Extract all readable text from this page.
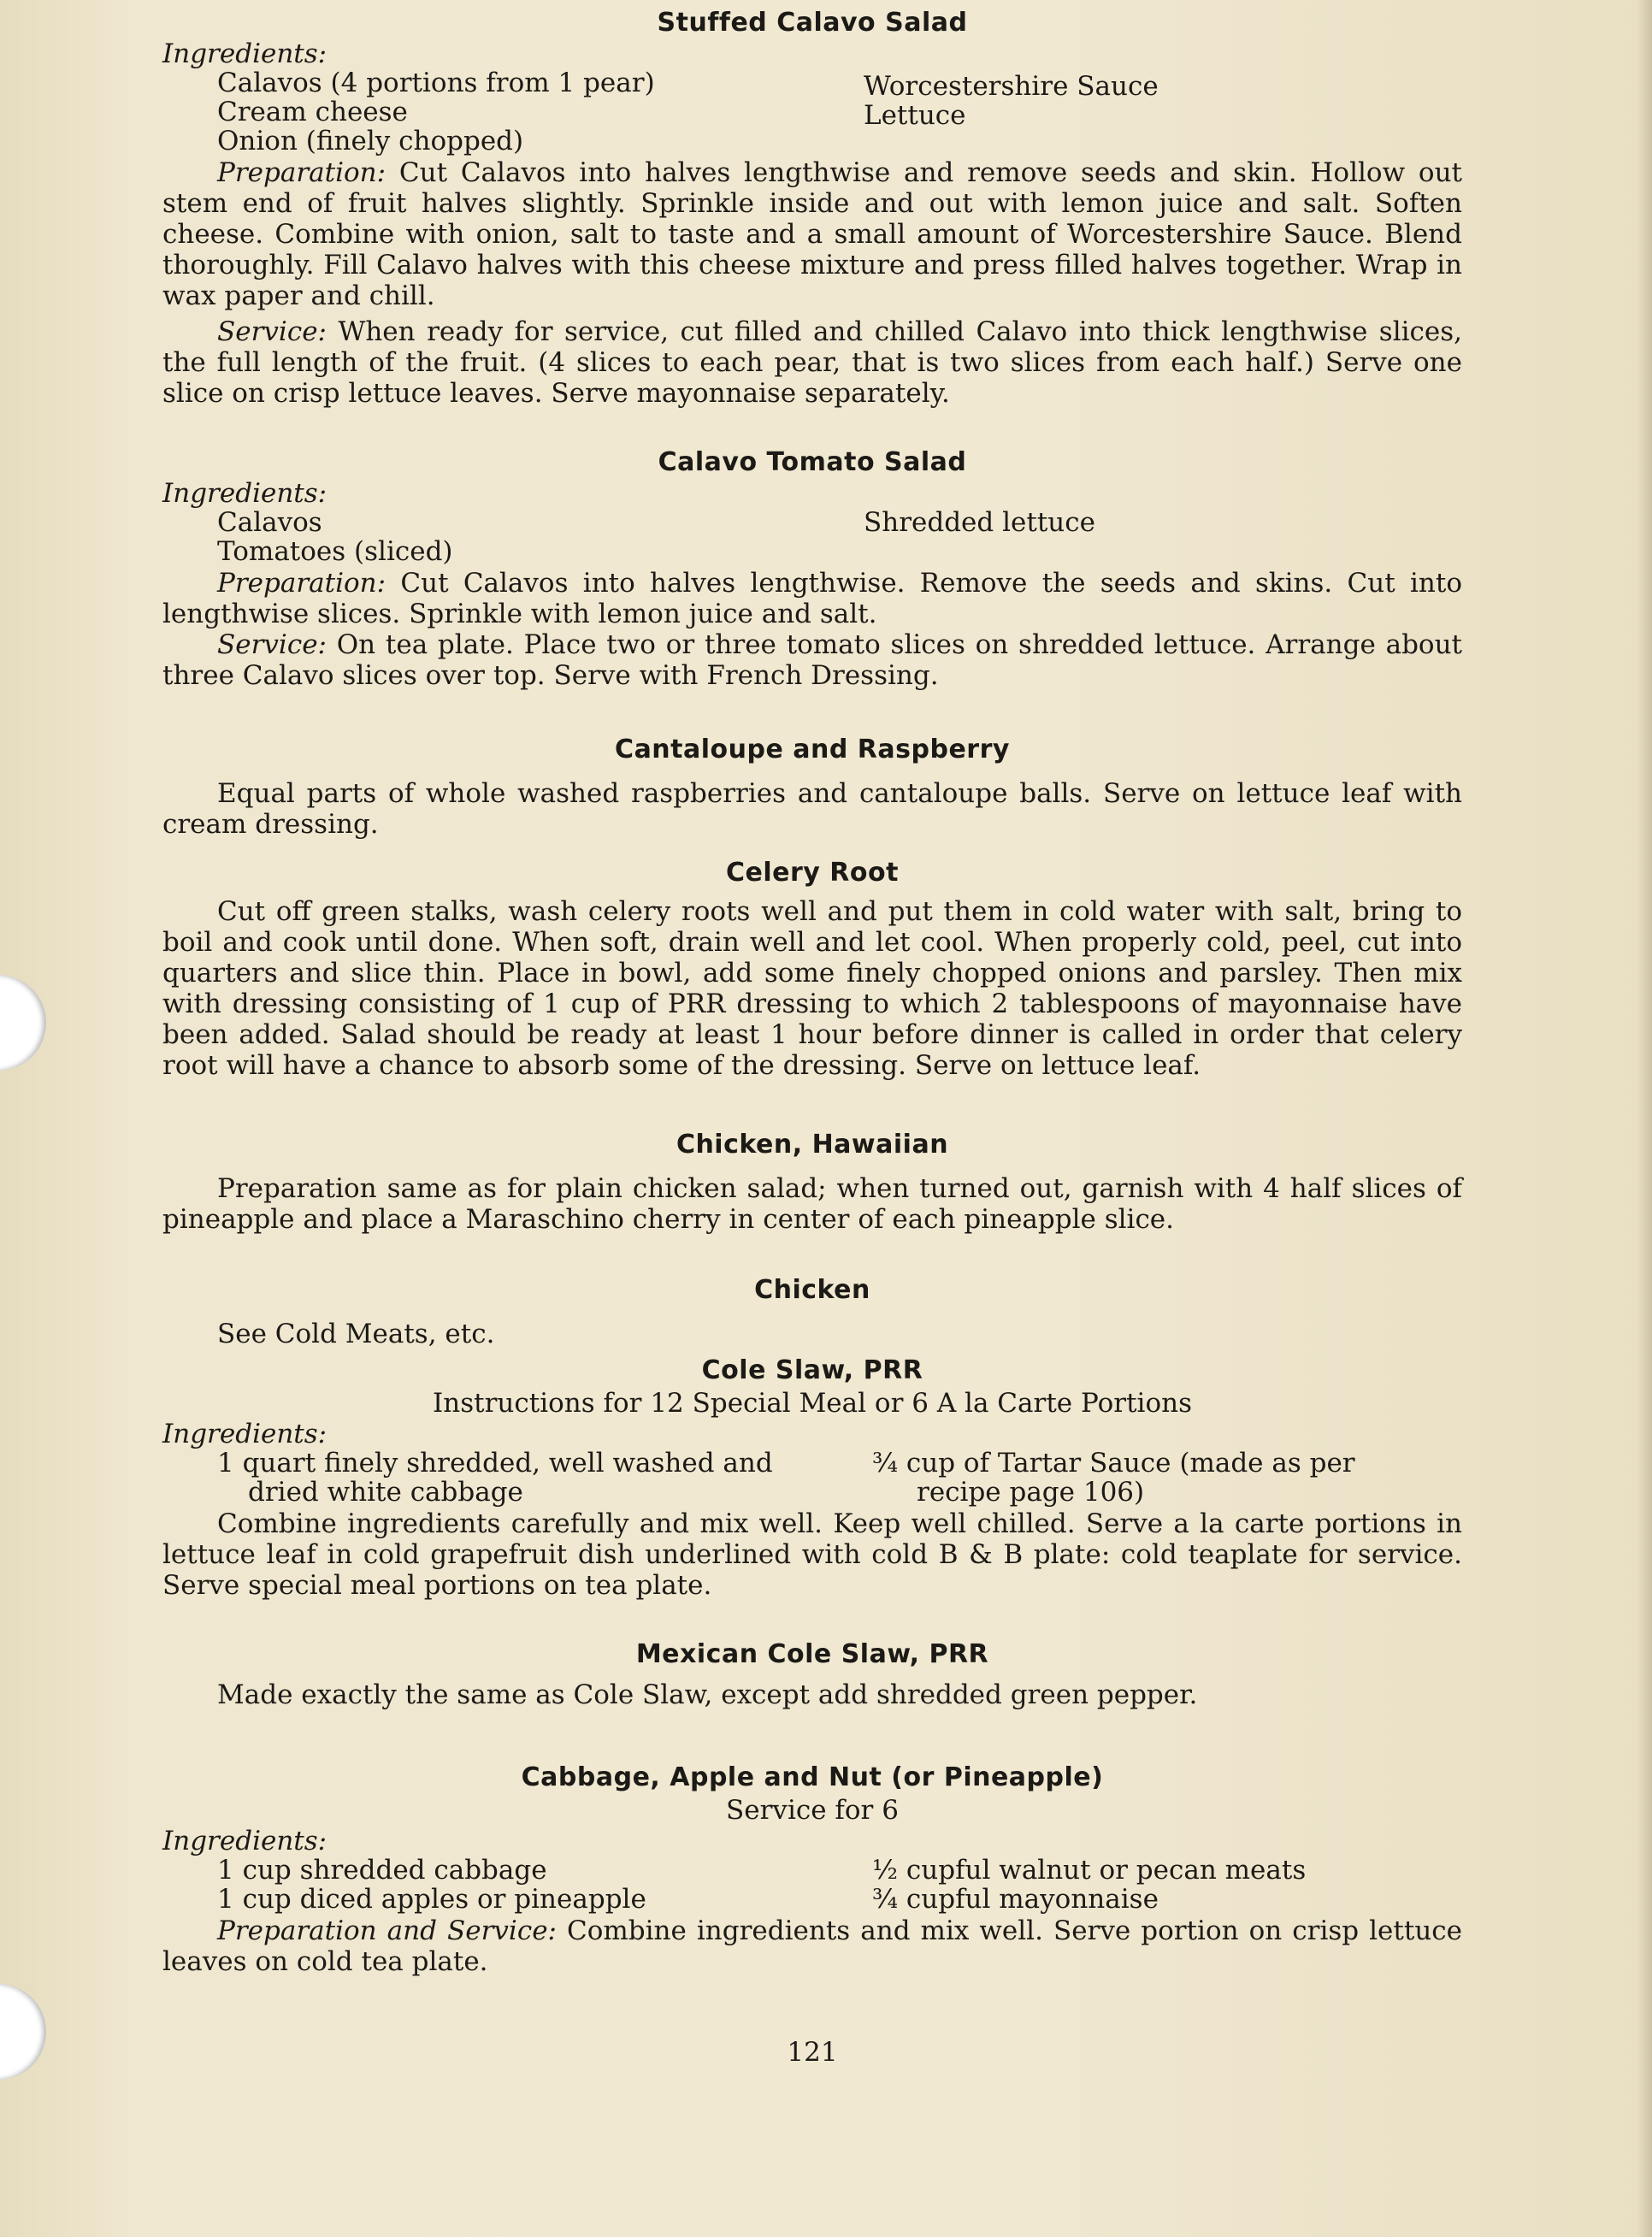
Stuffed Calavo Salad
Ingredients:
Calavos (4 portions from 1 pear)
Cream cheese
Onion (finely chopped)
Worcestershire Sauce
Lettuce

Preparation: Cut Calavos into halves lengthwise and remove seeds and skin. Hollow out stem end of fruit halves slightly. Sprinkle inside and out with lemon juice and salt. Soften cheese. Combine with onion, salt to taste and a small amount of Worcestershire Sauce. Blend thoroughly. Fill Calavo halves with this cheese mixture and press filled halves together. Wrap in wax paper and chill.

Service: When ready for service, cut filled and chilled Calavo into thick lengthwise slices, the full length of the fruit. (4 slices to each pear, that is two slices from each half.) Serve one slice on crisp lettuce leaves. Serve mayonnaise separately.

Calavo Tomato Salad
Ingredients:
Calavos
Tomatoes (sliced)
Shredded lettuce

Preparation: Cut Calavos into halves lengthwise. Remove the seeds and skins. Cut into lengthwise slices. Sprinkle with lemon juice and salt.

Service: On tea plate. Place two or three tomato slices on shredded lettuce. Arrange about three Calavo slices over top. Serve with French Dressing.

Cantaloupe and Raspberry

Equal parts of whole washed raspberries and cantaloupe balls. Serve on lettuce leaf with cream dressing.

Celery Root

Cut off green stalks, wash celery roots well and put them in cold water with salt, bring to boil and cook until done. When soft, drain well and let cool. When properly cold, peel, cut into quarters and slice thin. Place in bowl, add some finely chopped onions and parsley. Then mix with dressing consisting of 1 cup of PRR dressing to which 2 tablespoons of mayonnaise have been added. Salad should be ready at least 1 hour before dinner is called in order that celery root will have a chance to absorb some of the dressing. Serve on lettuce leaf.

Chicken, Hawaiian

Preparation same as for plain chicken salad; when turned out, garnish with 4 half slices of pineapple and place a Maraschino cherry in center of each pineapple slice.

Chicken

See Cold Meats, etc.

Cole Slaw, PRR
Instructions for 12 Special Meal or 6 A la Carte Portions
Ingredients:
1 quart finely shredded, well washed and
dried white cabbage
¾ cup of Tartar Sauce (made as per
recipe page 106)

Combine ingredients carefully and mix well. Keep well chilled. Serve a la carte portions in lettuce leaf in cold grapefruit dish underlined with cold B & B plate: cold teaplate for service. Serve special meal portions on tea plate.

Mexican Cole Slaw, PRR

Made exactly the same as Cole Slaw, except add shredded green pepper.

Cabbage, Apple and Nut (or Pineapple)
Service for 6
Ingredients:
1 cup shredded cabbage
1 cup diced apples or pineapple
½ cupful walnut or pecan meats
¾ cupful mayonnaise

Preparation and Service: Combine ingredients and mix well. Serve portion on crisp lettuce leaves on cold tea plate.

121
